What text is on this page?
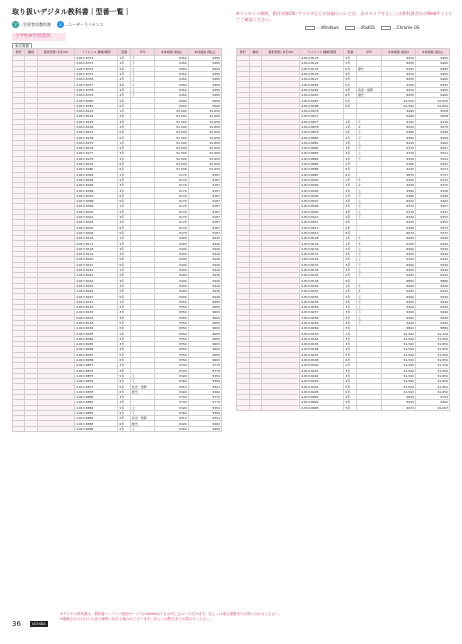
取り扱いデジタル教科書｜型番一覧｜
学 …学習者用教科書	U …ユーザーライセンス
※ライセンス期間、動作対象OS･ブラウザなどの詳細については、各カタログをもしくは教科書会社のWebサイトにてご確認ください。
…Windows	…iPadOS	…Chrome OS
小学校※学習者用
東京書籍
教科	種別	提供形態/ 対応OS	ライセンス 種類/期間	型番	学年	本体価格 (税抜)	本体価格 (税込)
			4-813-8372	1年	下	¥450	¥495
			4-813-8373	1年	下	¥450	¥495
			4-813-8374	2年	上	¥450	¥495
			4-813-8375	2年	下	¥450	¥495
			4-813-8376	3年	上	¥450	¥495
			4-813-8377	3年	下	¥450	¥495
			4-813-8378	4年	上	¥450	¥495
			4-813-8379	4年	下	¥450	¥495
			4-813-8380	5年		¥900	¥990
			4-813-8381	6年		¥900	¥990
			4-813-8143	1年		¥1,500	¥1,650
			4-813-8144	2年		¥1,500	¥1,650
			4-813-8145	3年		¥1,500	¥1,650
			4-813-8146	4年		¥1,500	¥1,650
			4-813-8147	5年		¥1,500	¥1,650
			4-813-8148	6年		¥1,500	¥1,650
			4-813-8275	1年		¥1,500	¥1,650
			4-813-8276	2年		¥1,500	¥1,650
			4-813-8277	3年		¥1,500	¥1,650
			4-813-8278	4年		¥1,500	¥1,650
			4-813-8279	5年		¥1,500	¥1,650
			4-813-8280	6年		¥1,500	¥1,650
			4-813-8393	1年		¥170	¥187
			4-813-8394	2年		¥170	¥187
			4-813-8395	3年		¥170	¥187
			4-813-8396	4年		¥170	¥187
			4-813-8397	5年		¥170	¥187
			4-813-8398	6年		¥170	¥187
			4-813-8399	1年		¥170	¥187
			4-813-8400	2年		¥170	¥187
			4-813-8401	3年		¥170	¥187
			4-813-8402	4年		¥170	¥187
			4-813-8403	5年		¥170	¥187
			4-813-8404	6年		¥170	¥187
			4-813-8116	1年		¥400	¥440
			4-813-8117	2年		¥400	¥440
			4-813-8118	3年		¥400	¥440
			4-813-8119	4年		¥400	¥440
			4-813-8120	5年		¥400	¥440
			4-813-8121	6年		¥400	¥440
			4-813-8242	1年		¥400	¥440
			4-813-8243	2年		¥400	¥440
			4-813-8244	3年		¥400	¥440
			4-813-8245	4年		¥400	¥440
			4-813-8246	5年		¥400	¥440
			4-813-8247	6年		¥400	¥440
			4-813-8151	1年		¥550	¥605
			4-813-8152	2年		¥550	¥605
			4-813-8153	3年		¥550	¥605
			4-813-8154	4年		¥550	¥605
			4-813-8155	5年		¥550	¥605
			4-813-8156	6年		¥550	¥605
			4-813-8283	1年		¥550	¥605
			4-813-8284	2年		¥550	¥605
			4-813-8285	3年		¥550	¥605
			4-813-8286	4年		¥550	¥605
			4-813-8287	5年		¥550	¥605
			4-813-8288	6年		¥550	¥605
			4-813-8873	3年		¥700	¥770
			4-813-8874	4年		¥700	¥770
			4-813-8875	5年	上	¥320	¥352
			4-813-8876	5年	下	¥360	¥396
			4-813-8877	6年	政治・国際	¥310	¥341
			4-813-8878	6年	歴史	¥420	¥462
			4-813-8880	3年		¥700	¥770
			4-813-8881	4年		¥700	¥770
			4-813-8882	5年	上	¥320	¥352
			4-813-8883	5年	下	¥360	¥396
			4-813-8884	6年	政治・国際	¥310	¥341
			4-813-8885	6年	歴史	¥420	¥462
			4-813-8286	5年	上	¥450	¥495
教科	種別	提供形態/ 対応OS	ライセンス 種類/期間	型番	学年	本体価格 (税抜)	本体価格 (税込)
			4-813-8123	5年		¥450	¥495
			4-813-8124	5年		¥450	¥495
			4-813-8125	6年	歴史	¥450	¥495
			4-813-8126	6年		¥450	¥495
			4-813-8127	5年		¥450	¥495
			4-813-8281	5年		¥450	¥495
			4-813-8282	6年	政治・国際	¥450	¥495
			4-813-8283	6年	歴史	¥450	¥495
			4-813-8287	5年		¥1,500	¥1,650
			4-813-8288	6年		¥1,500	¥1,650
			4-813-8076			¥480	¥528
			4-813-8077			¥480	¥528
			4-813-8877	1年	①	¥100	¥110
			4-813-8878	1年	②	¥250	¥275
			4-813-8879	2年	上	¥360	¥396
			4-813-8880	2年	下	¥360	¥396
			4-813-8881	3年	上	¥420	¥462
			4-813-8882	3年	下	¥370	¥407
			4-813-8883	4年	上	¥310	¥341
			4-813-8884	4年	下	¥320	¥352
			4-813-8885	5年		¥320	¥352
			4-813-8886	5年		¥340	¥374
			4-813-8887	6年		¥670	¥737
			4-813-8003	1年	①	¥100	¥110
			4-813-8004	1年	②	¥250	¥275
			4-813-8005	2年	上	¥360	¥396
			4-813-8006	2年	下	¥360	¥396
			4-813-8007	3年	上	¥420	¥462
			4-813-8008	3年	下	¥370	¥407
			4-813-8009	4年	上	¥310	¥341
			4-813-8010	4年	下	¥320	¥352
			4-813-8011	5年		¥320	¥352
			4-813-8012	5年		¥340	¥374
			4-813-8013	6年		¥670	¥737
			4-813-8128	1年	①	¥400	¥440
			4-813-8129	1年	②	¥400	¥440
			4-813-8130	2年	上	¥400	¥440
			4-813-8131	2年	下	¥400	¥440
			4-813-8132	3年	上	¥400	¥440
			4-813-8133	3年	下	¥400	¥440
			4-813-8134	4年	上	¥400	¥440
			4-813-8135	4年	下	¥400	¥440
			4-813-8136	5年		¥800	¥880
			4-813-8252	1年	①	¥400	¥440
			4-813-8253	1年	②	¥400	¥440
			4-813-8254	2年	上	¥400	¥440
			4-813-8255	2年	下	¥400	¥440
			4-813-8256	3年	上	¥400	¥440
			4-813-8257	3年	下	¥400	¥440
			4-813-8258	4年	上	¥400	¥440
			4-813-8259	4年	下	¥400	¥440
			4-813-8260	5年		¥800	¥880
			4-813-8163	1年		¥1,200	¥1,320
			4-813-8164	2年		¥1,500	¥1,650
			4-813-8165	3年		¥1,500	¥1,650
			4-813-8166	4年		¥1,500	¥1,650
			4-813-8167	5年		¥1,500	¥1,650
			4-813-8168	6年		¥1,500	¥1,650
			4-813-8200	1年		¥1,200	¥1,320
			4-813-8201	2年		¥1,500	¥1,650
			4-813-8202	3年		¥1,500	¥1,650
			4-813-8203	4年		¥1,500	¥1,650
			4-813-8204	5年		¥1,500	¥1,650
			4-813-8205	6年		¥1,500	¥1,650
			4-813-8893	3年		¥640	¥704
			4-813-8894	4年		¥420	¥462
			4-813-8895	5年		¥970	¥1,067
※デジタル教科書は、教科書コンテンツ配信サービス(SAIMelo)でもお申し込みいただけます。詳しくは東京書籍までお問い合わせください。
※掲載されたおけにも表示価格に切れる場合がございます。詳しくは弊社までお問合せください。
36	UCHIDA
